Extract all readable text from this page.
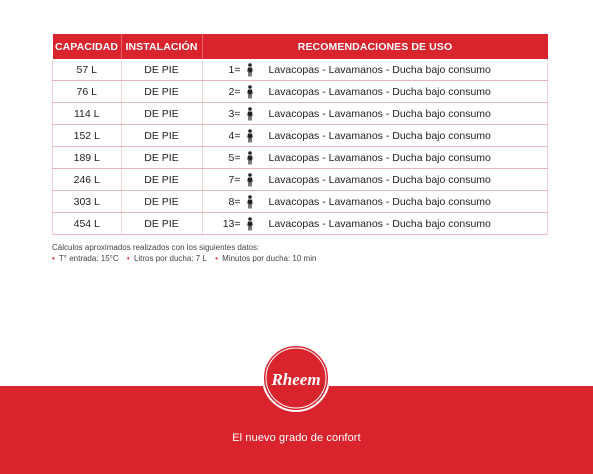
CAPACIDAD	INSTALACIÓN	RECOMENDACIONES DE USO
57 L	DE PIE	1= Lavacopas - Lavamanos - Ducha bajo consumo

76 L	DE PIE	2= Lavacopas - Lavamanos - Ducha bajo consumo

114 L	DE PIE	3= Lavacopas - Lavamanos - Ducha bajo consumo

152 L	DE PIE	4= Lavacopas - Lavamanos - Ducha bajo consumo

189 L	DE PIE	5= Lavacopas - Lavamanos - Ducha bajo consumo

246 L	DE PIE	7= Lavacopas - Lavamanos - Ducha bajo consumo

303 L	DE PIE	8= Lavacopas - Lavamanos - Ducha bajo consumo

454 L	DE PIE	13= Lavacopas - Lavamanos - Ducha bajo consumo
Cálculos aproximados realizados con los siguientes datos:
• T° entrada: 15°C • Litros por ducha: 7 L • Minutos por ducha: 10 min
Rheem
El nuevo grado de confort
